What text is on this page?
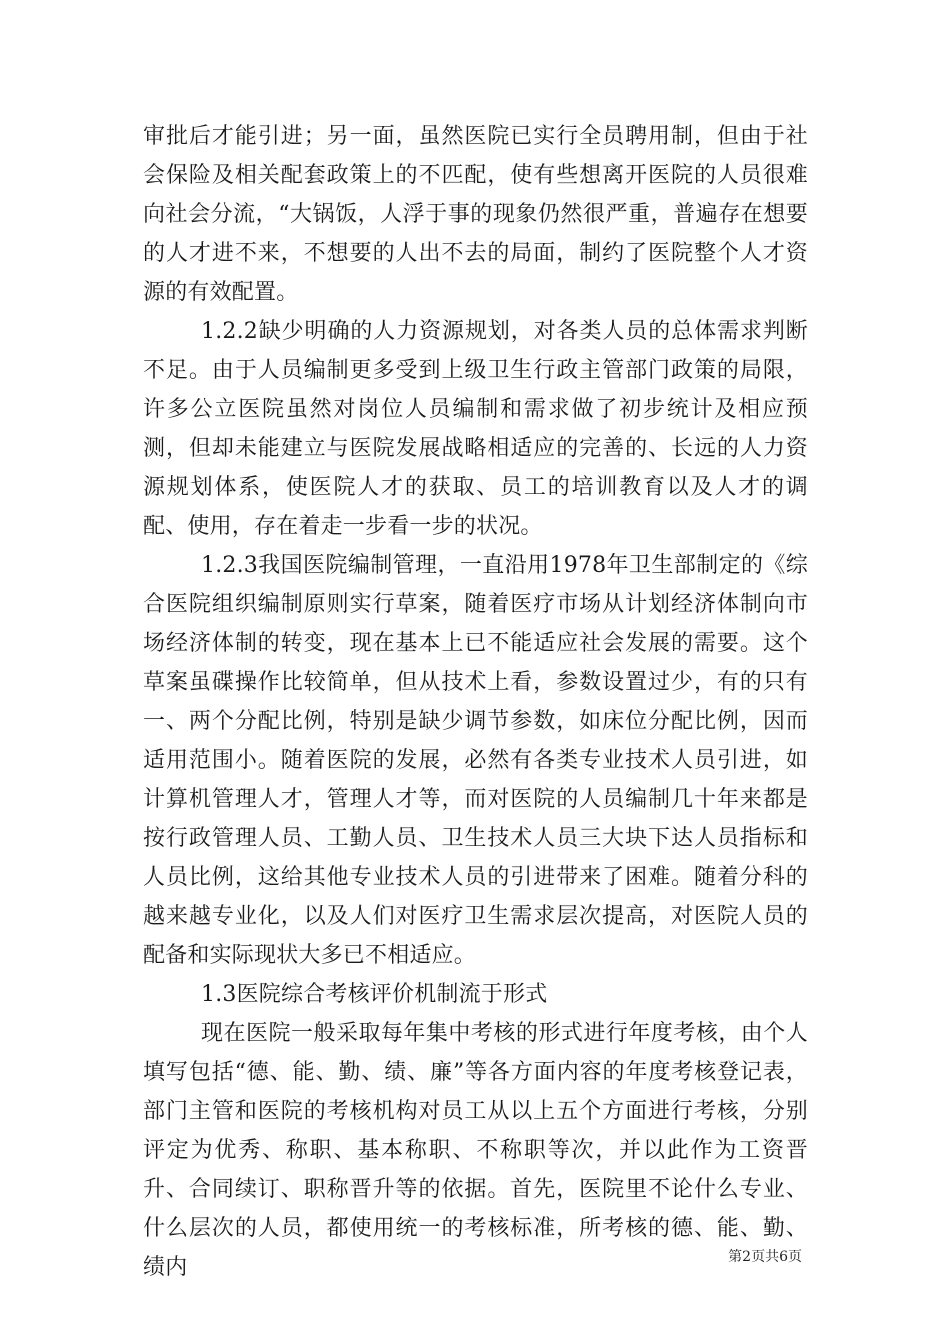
审批后才能引进；另一面，虽然医院已实行全员聘用制，但由于社会保险及相关配套政策上的不匹配，使有些想离开医院的人员很难向社会分流，“大锅饭，人浮于事的现象仍然很严重，普遍存在想要的人才进不来，不想要的人出不去的局面，制约了医院整个人才资源的有效配置。

1.2.2缺少明确的人力资源规划，对各类人员的总体需求判断不足。由于人员编制更多受到上级卫生行政主管部门政策的局限，许多公立医院虽然对岗位人员编制和需求做了初步统计及相应预测，但却未能建立与医院发展战略相适应的完善的、长远的人力资源规划体系，使医院人才的获取、员工的培训教育以及人才的调配、使用，存在着走一步看一步的状况。

1.2.3我国医院编制管理，一直沿用1978年卫生部制定的《综合医院组织编制原则实行草案，随着医疗市场从计划经济体制向市场经济体制的转变，现在基本上已不能适应社会发展的需要。这个草案虽碟操作比较简单，但从技术上看，参数设置过少，有的只有一、两个分配比例，特别是缺少调节参数，如床位分配比例，因而适用范围小。随着医院的发展，必然有各类专业技术人员引进，如计算机管理人才，管理人才等，而对医院的人员编制几十年来都是按行政管理人员、工勤人员、卫生技术人员三大块下达人员指标和人员比例，这给其他专业技术人员的引进带来了困难。随着分科的越来越专业化，以及人们对医疗卫生需求层次提高，对医院人员的配备和实际现状大多已不相适应。

1.3医院综合考核评价机制流于形式

现在医院一般采取每年集中考核的形式进行年度考核，由个人填写包括“德、能、勤、绩、廉”等各方面内容的年度考核登记表，部门主管和医院的考核机构对员工从以上五个方面进行考核，分别评定为优秀、称职、基本称职、不称职等次，并以此作为工资晋升、合同续订、职称晋升等的依据。首先，医院里不论什么专业、什么层次的人员，都使用统一的考核标准，所考核的德、能、勤、绩内	第2页共6页
